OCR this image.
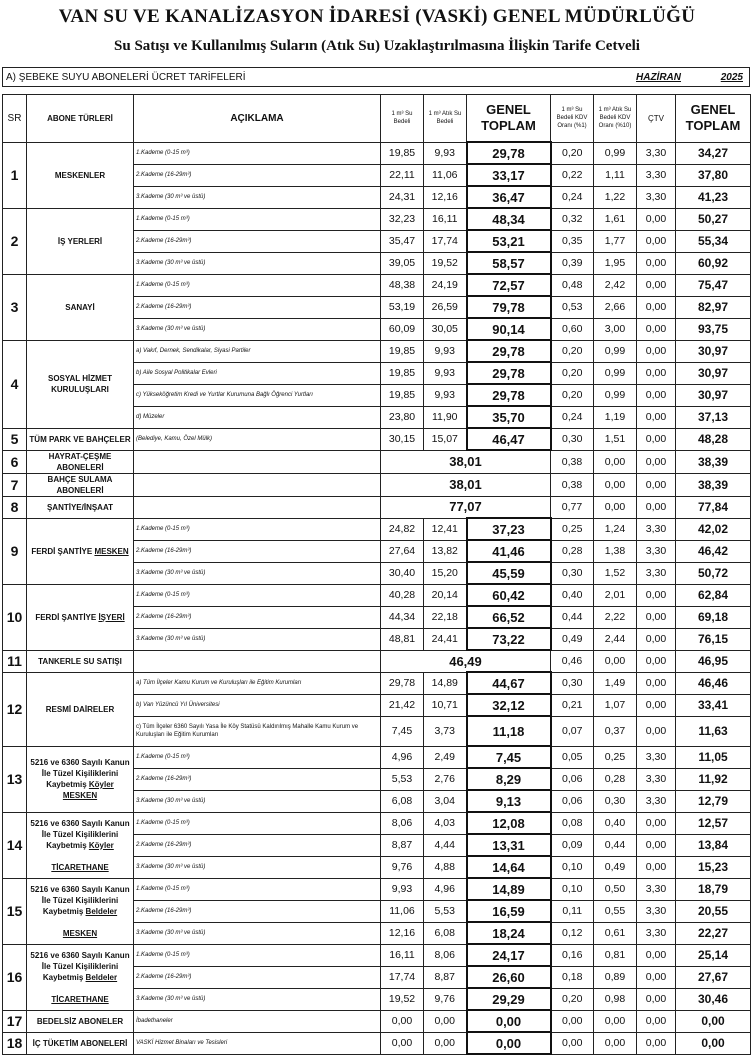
VAN SU VE KANALİZASYON İDARESİ (VASKİ) GENEL MÜDÜRLÜĞÜ
Su Satışı ve Kullanılmış Suların (Atık Su) Uzaklaştırılmasına İlişkin Tarife Cetveli
A) ŞEBEKE SUYU ABONELERİ ÜCRET TARİFELERİ	HAZİRAN	2025
SR	ABONE TÜRLERİ	AÇIKLAMA	1 m³ Su Bedeli	1 m³ Atık Su Bedeli	GENEL TOPLAM	1 m³ Su Bedeli KDV Oranı (%1)	1 m³ Atık Su Bedeli KDV Oranı (%10)	ÇTV	GENEL TOPLAM
1	MESKENLER	1.Kademe (0-15 m³)	19,85	9,93	29,78	0,20	0,99	3,30	34,27
		2.Kademe (16-29m³)	22,11	11,06	33,17	0,22	1,11	3,30	37,80
		3.Kademe (30 m³ ve üstü)	24,31	12,16	36,47	0,24	1,22	3,30	41,23
2	İŞ YERLERİ	1.Kademe (0-15 m³)	32,23	16,11	48,34	0,32	1,61	0,00	50,27
		2.Kademe (16-29m³)	35,47	17,74	53,21	0,35	1,77	0,00	55,34
		3.Kademe (30 m³ ve üstü)	39,05	19,52	58,57	0,39	1,95	0,00	60,92
3	SANAYİ	1.Kademe (0-15 m³)	48,38	24,19	72,57	0,48	2,42	0,00	75,47
		2.Kademe (16-29m³)	53,19	26,59	79,78	0,53	2,66	0,00	82,97
		3.Kademe (30 m³ ve üstü)	60,09	30,05	90,14	0,60	3,00	0,00	93,75
4	SOSYAL HİZMET
KURULUŞLARI	a) Vakıf, Dernek, Sendikalar, Siyasi Partiler	19,85	9,93	29,78	0,20	0,99	0,00	30,97
		b) Aile Sosyal Politikalar Evleri	19,85	9,93	29,78	0,20	0,99	0,00	30,97
		c) Yükseköğretim Kredi ve Yurtlar Kurumuna Bağlı Öğrenci Yurtları	19,85	9,93	29,78	0,20	0,99	0,00	30,97
		d) Müzeler	23,80	11,90	35,70	0,24	1,19	0,00	37,13
5	TÜM PARK VE BAHÇELER	(Belediye, Kamu, Özel Mülk)	30,15	15,07	46,47	0,30	1,51	0,00	48,28
6	HAYRAT-ÇEŞME
ABONELERİ		38,01			0,38	0,00	0,00	38,39
7	BAHÇE SULAMA
ABONELERİ		38,01			0,38	0,00	0,00	38,39
8	ŞANTİYE/İNŞAAT		77,07			0,77	0,00	0,00	77,84
9	FERDİ ŞANTİYE MESKEN	1.Kademe (0-15 m³)	24,82	12,41	37,23	0,25	1,24	3,30	42,02
		2.Kademe (16-29m³)	27,64	13,82	41,46	0,28	1,38	3,30	46,42
		3.Kademe (30 m³ ve üstü)	30,40	15,20	45,59	0,30	1,52	3,30	50,72
10	FERDİ ŞANTİYE İŞYERİ	1.Kademe (0-15 m³)	40,28	20,14	60,42	0,40	2,01	0,00	62,84
		2.Kademe (16-29m³)	44,34	22,18	66,52	0,44	2,22	0,00	69,18
		3.Kademe (30 m³ ve üstü)	48,81	24,41	73,22	0,49	2,44	0,00	76,15
11	TANKERLE SU SATIŞI		46,49			0,46	0,00	0,00	46,95
12	RESMİ DAİRELER	a) Tüm İlçeler Kamu Kurum ve Kuruluşları ile Eğitim Kurumları	29,78	14,89	44,67	0,30	1,49	0,00	46,46
		b) Van Yüzüncü Yıl Üniversitesi	21,42	10,71	32,12	0,21	1,07	0,00	33,41
		c) Tüm İlçeler 6360 Sayılı Yasa İle Köy Statüsü Kaldırılmış Mahalle Kamu Kurum ve Kuruluşları ile Eğitim Kurumları	7,45	3,73	11,18	0,07	0,37	0,00	11,63
13	5216 ve 6360 Sayılı Kanun
İle Tüzel Kişiliklerini
Kaybetmiş Köyler MESKEN	1.Kademe (0-15 m³)	4,96	2,49	7,45	0,05	0,25	3,30	11,05
		2.Kademe (16-29m³)	5,53	2,76	8,29	0,06	0,28	3,30	11,92
		3.Kademe (30 m³ ve üstü)	6,08	3,04	9,13	0,06	0,30	3,30	12,79
14	5216 ve 6360 Sayılı Kanun
İle Tüzel Kişiliklerini
Kaybetmiş Köyler

TİCARETHANE	1.Kademe (0-15 m³)	8,06	4,03	12,08	0,08	0,40	0,00	12,57
		2.Kademe (16-29m³)	8,87	4,44	13,31	0,09	0,44	0,00	13,84
		3.Kademe (30 m³ ve üstü)	9,76	4,88	14,64	0,10	0,49	0,00	15,23
15	5216 ve 6360 Sayılı Kanun
İle Tüzel Kişiliklerini
Kaybetmiş Beldeler

MESKEN	1.Kademe (0-15 m³)	9,93	4,96	14,89	0,10	0,50	3,30	18,79
		2.Kademe (16-29m³)	11,06	5,53	16,59	0,11	0,55	3,30	20,55
		3.Kademe (30 m³ ve üstü)	12,16	6,08	18,24	0,12	0,61	3,30	22,27
16	5216 ve 6360 Sayılı Kanun
İle Tüzel Kişiliklerini
Kaybetmiş Beldeler

TİCARETHANE	1.Kademe (0-15 m³)	16,11	8,06	24,17	0,16	0,81	0,00	25,14
		2.Kademe (16-29m³)	17,74	8,87	26,60	0,18	0,89	0,00	27,67
		3.Kademe (30 m³ ve üstü)	19,52	9,76	29,29	0,20	0,98	0,00	30,46
17	BEDELSİZ ABONELER	İbadethaneler	0,00	0,00	0,00	0,00	0,00	0,00	0,00
18	İÇ TÜKETİM ABONELERİ	VASKİ Hizmet Binaları ve Tesisleri	0,00	0,00	0,00	0,00	0,00	0,00	0,00
